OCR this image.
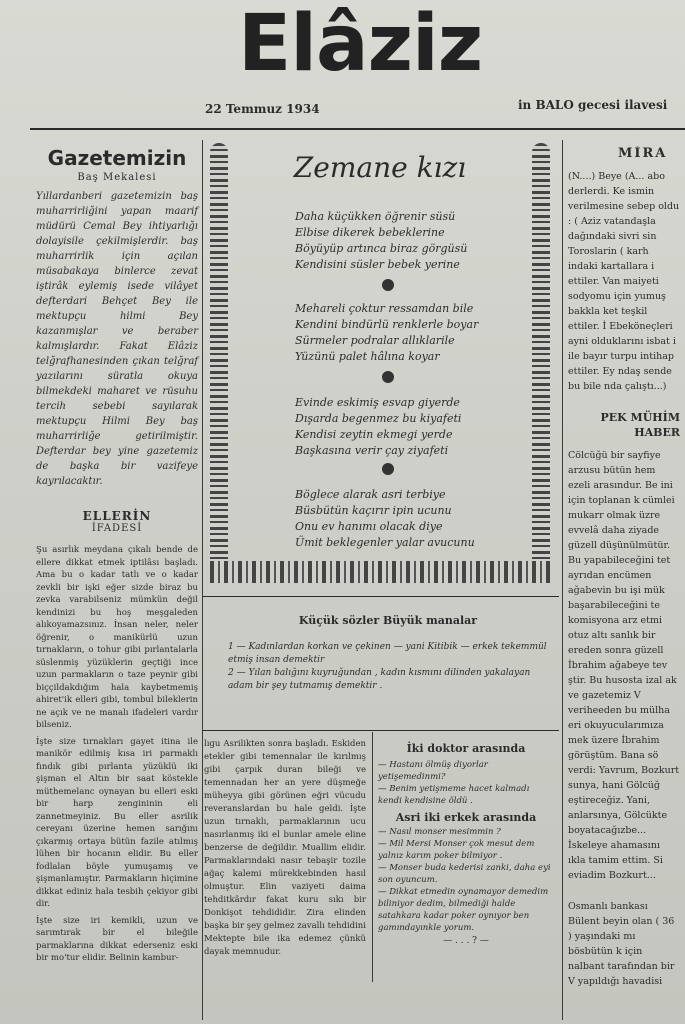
Elâziz
22 Temmuz 1934	in BALO gecesi ilavesi
Gazetemizin
Baş Mekalesi
Yıllardanberi gazetemizin baş muharrirliğini yapan maarif müdürü Cemal Bey ihtiyarlığı dolayisile çekilmişlerdir. baş muharrirlik için açılan müsabakaya binlerce zevat iştirâk eylemiş isede vilâyet defterdari Behçet Bey ile mektupçu hilmi Bey kazanmışlar ve beraber kalmışlardır. Fakat Elâziz telğrafhanesinden çıkan telğraf yazılarını süratla okuya bilmekdeki maharet ve rüsuhu tercih sebebi sayılarak mektupçu Hilmi Bey baş muharrirliğe getirilmiştir. Defterdar bey yine gazetemiz de başka bir vazifeye kayrılacaktır.
ELLERİN
İFADESİ
Şu asırlık meydana çıkalı bende de ellere dikkat etmek iptilâsı başladı. Ama bu o kadar tatlı ve o kadar zevkli bir işki eğer sizde biraz bu zevka varabilseniz mümkün değil kendinizi bu hoş meşgaleden alıkoyamazsınız. İnsan neler, neler öğrenir, o manikürlü uzun tırnakların, o tohur gibi pırlantalarla süslenmiş yüzüklerin geçtiği ince uzun parmakların o taze peynir gibi biççildakdığım hala kaybetmemiş ahiret'ik elleri gibi, tombul bileklerin ne açık ve ne manalı ifadeleri vardır bilseniz.
İşte size tırnakları gayet itina ile manikör edilmiş kısa iri parmaklı fındık gibi pırlanta yüzüklü iki şişman el Altın bir saat köstekle müthemelanc oynayan bu elleri eski bir harp zengininin eli zannetmeyiniz. Bu eller asrilik cereyanı üzerine hemen sarığını çıkarmış ortaya bütün fazile atılmış lühen bir hocanın elidir. Bu eller fodlalan böyle yumuşamış ve şişmanlamıştır. Parmakların hiçimine dikkat ediniz hala tesbih çekiyor gibi dir.
İşte size iri kemikli, uzun ve sarımtırak bir el bileğile parmaklarına dikkat ederseniz eski bir mo'tur elidir. Belinin kambur-
Zemane kızı
Daha küçükken öğrenir süsü
Elbise dikerek bebeklerine
Böyüyüp artınca biraz görgüsü
Kendisini süsler bebek yerine
Mehareli çoktur ressamdan bile
Kendini bindürlü renklerle boyar
Sürmeler podralar allıklarile
Yüzünü palet hâlına koyar
Evinde eskimiş esvap giyerde
Dışarda begenmez bu kiyafeti
Kendisi zeytin ekmegi yerde
Başkasına verir çay ziyafeti
Böglece alarak asri terbiye
Büsbütün kaçırır ipin ucunu
Onu ev hanımı olacak diye
Ümit beklegenler yalar avucunu
Küçük sözler Büyük manalar
1 — Kadınlardan korkan ve çekinen — yani Kitibik — erkek tekemmül etmiş insan demektir
2 — Yılan balığını kuyruğundan , kadın kısmını dilinden yakalayan adam bir şey tutmamış demektir .
lıgu Asrilikten sonra başladı. Eskiden etekler gibi temennalar ile kırılmış gibi çarpık duran bileği ve temennadan her an yere düşmeğe müheyya gibi görünen eğri vücudu reveranslardan bu hale geldi. İşte uzun tırnaklı, parmaklarının ucu nasırlanmış iki el bunlar amele eline benzerse de değildir. Muallim elidir. Parmaklarındaki nasır tebaşir tozile ağaç kalemi mürekkebinden hasıl olmuştur. Elin vaziyeti daima tehditkârdır fakat kuru sıkı bir Donkişot tehdididir. Zira elinden başka bir şey gelmez zavallı tehdidini Mektepte bile ika edemez çünkü dayak memnudur.
İki doktor arasında
— Hastanı ölmüş diyorlar yetişemedinmi?
— Benim yetişmeme hacet kalmadı kendi kendisine öldü .
Asri iki erkek arasında
— Nasıl monser mesimmin ?
— Mil Mersi Monser çok mesut dem yalnız karım poker bilmiyor .
— Monser buda kederisi zanki, daha eyi son oyuncum.
— Dikkat etmedin oynamayor demedim biliniyor dedim, bilmediği halde satahkara kadar poker oynıyor ben gamındayınkle yorum.
— . . . ? —
MİRA
(N....) Beye (A... abo derlerdi. Ke ismin verilmesine sebep oldu : ( Aziz vatandaşla dağındaki sivri sin Toroslarin ( karh indaki kartallara i ettiler. Van maiyeti sodyomu için yumuş bakkla ket teşkil ettiler. İ Ebeköneçleri ayni olduklarını isbat i ile bayır turpu intihap ettiler. Ey ndaş sende bu bile nda çalıştı...)
PEK MÜHİM HABER
Cölcüğü bir sayfiye arzusu bütün hem ezeli arasındur. Be ini için toplanan k cümlei mukarr olmak üzre evvelâ daha ziyade güzell düşünülmütür. Bu yapabileceğini tet ayrıdan encümen ağabevin bu işi mük başarabileceğini te komisyona arz etmi otuz altı sanlık bir ereden sonra güzell İbrahim ağabeye tev ştir. Bu husosta izal ak ve gazetemiz V veriheeden bu mülha eri okuyucularımıza mek üzere İbrahim görüştüm. Bana sö verdi: Yavrum, Bozkurt sunya, hani Gölcüğ eştireceğiz. Yani, anlarsınya, Gölcükte boyatacağızbe... İskeleye ahamasını ıkla tamim ettim. Si eviadim Bozkurt...
Osmanlı bankası Bülent beyin olan ( 36 ) yaşındaki mı bösbütün k için nalbant tarafından bir V yapıldığı havadisi
